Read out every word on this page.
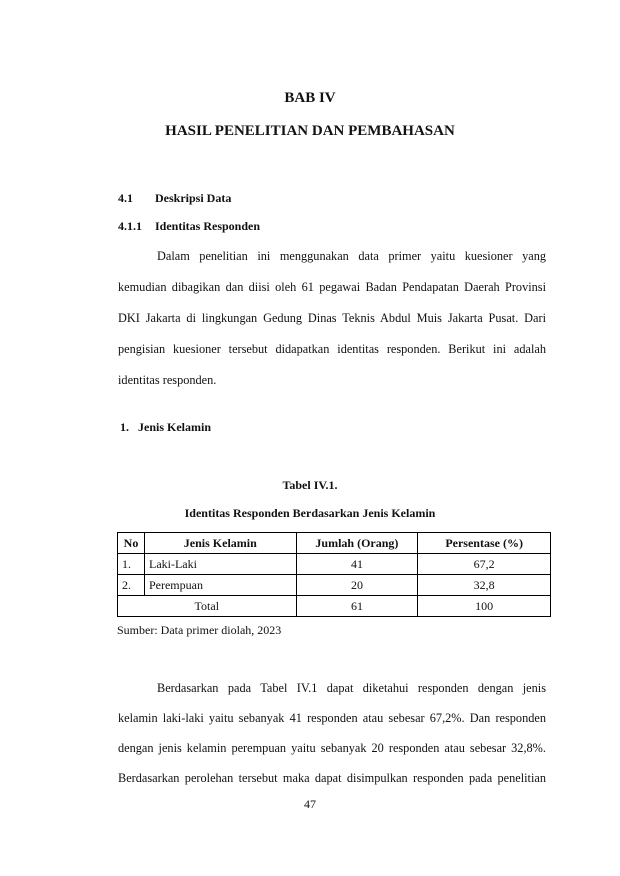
BAB IV
HASIL PENELITIAN DAN PEMBAHASAN
4.1 Deskripsi Data
4.1.1 Identitas Responden
Dalam penelitian ini menggunakan data primer yaitu kuesioner yang
kemudian dibagikan dan diisi oleh 61 pegawai Badan Pendapatan Daerah Provinsi
DKI Jakarta di lingkungan Gedung Dinas Teknis Abdul Muis Jakarta Pusat. Dari
pengisian kuesioner tersebut didapatkan identitas responden. Berikut ini adalah
identitas responden.
1. Jenis Kelamin
Tabel IV.1.
Identitas Responden Berdasarkan Jenis Kelamin
No	Jenis Kelamin	Jumlah (Orang)	Persentase (%)
1.	Laki-Laki	41	67,2
2.	Perempuan	20	32,8
Total		61	100
Sumber: Data primer diolah, 2023
Berdasarkan pada Tabel IV.1 dapat diketahui responden dengan jenis
kelamin laki-laki yaitu sebanyak 41 responden atau sebesar 67,2%. Dan responden
dengan jenis kelamin perempuan yaitu sebanyak 20 responden atau sebesar 32,8%.
Berdasarkan perolehan tersebut maka dapat disimpulkan responden pada penelitian
47
